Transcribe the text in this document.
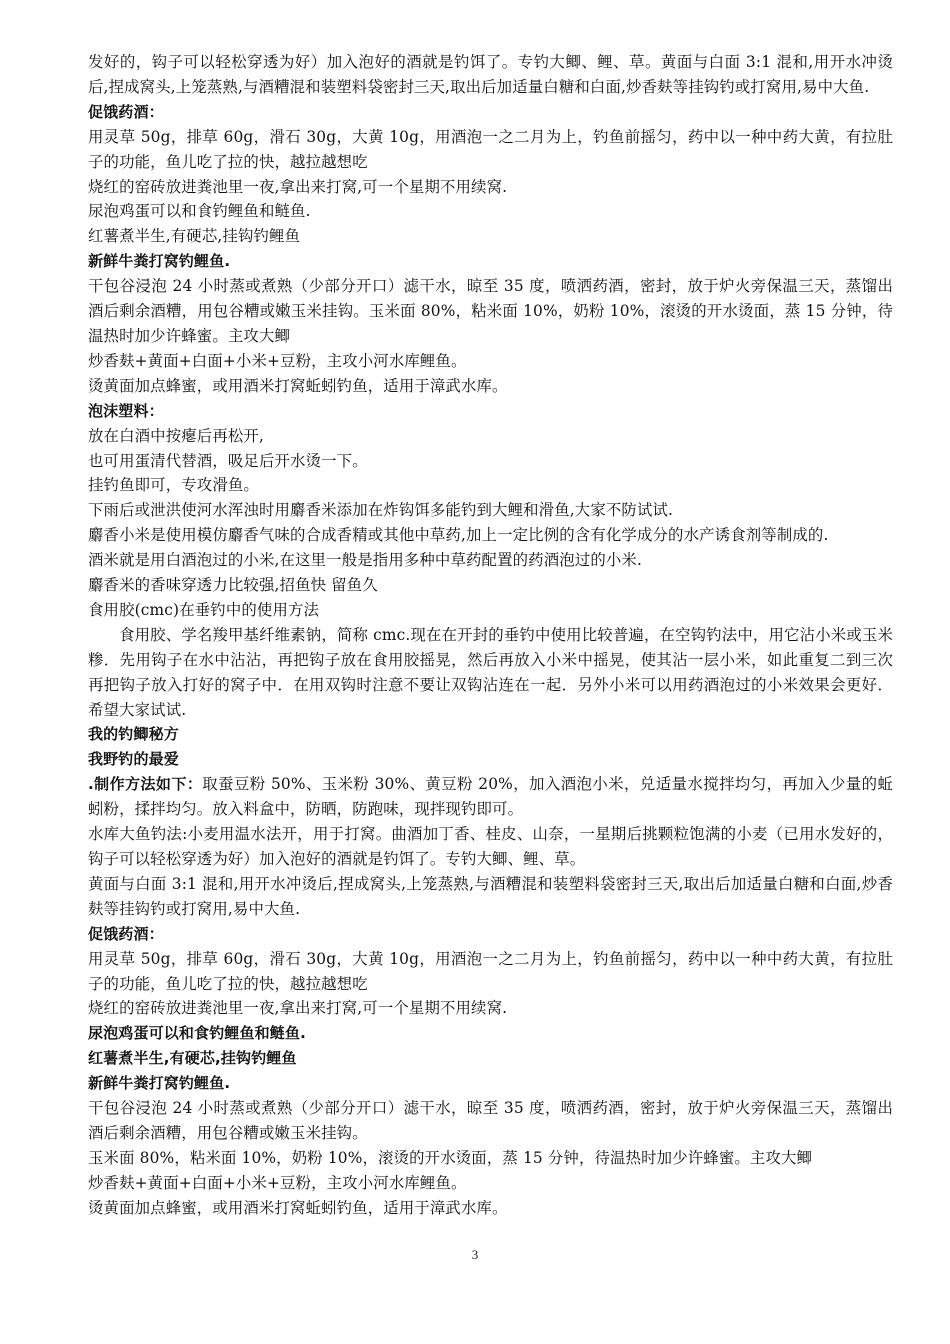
发好的，钩子可以轻松穿透为好）加入泡好的酒就是钓饵了。专钓大鲫、鲤、草。黄面与白面 3:1 混和,用开水冲烫后,捏成窝头,上笼蒸熟,与酒糟混和装塑料袋密封三天,取出后加适量白糖和白面,炒香麸等挂钩钓或打窝用,易中大鱼.

促饿药酒：

用灵草 50g，排草 60g，滑石 30g，大黄 10g，用酒泡一之二月为上，钓鱼前摇匀，药中以一种中药大黄，有拉肚子的功能，鱼儿吃了拉的快，越拉越想吃

烧红的窑砖放进粪池里一夜,拿出来打窝,可一个星期不用续窝.

尿泡鸡蛋可以和食钓鲤鱼和鲢鱼.

红薯煮半生,有硬芯,挂钩钓鲤鱼

新鲜牛粪打窝钓鲤鱼.

干包谷浸泡 24 小时蒸或煮熟（少部分开口）滤干水，晾至 35 度，喷洒药酒，密封，放于炉火旁保温三天，蒸馏出酒后剩余酒糟，用包谷糟或嫩玉米挂钩。玉米面 80%，粘米面 10%，奶粉 10%，滚烫的开水烫面，蒸 15 分钟，待温热时加少许蜂蜜。主攻大鲫

炒香麸+黄面+白面+小米+豆粉，主攻小河水库鲤鱼。

烫黄面加点蜂蜜，或用酒米打窝蚯蚓钓鱼，适用于漳武水库。

泡沫塑料：

放在白酒中按瘪后再松开,

也可用蛋清代替酒，吸足后开水烫一下。

挂钓鱼即可，专攻滑鱼。

下雨后或泄洪使河水浑浊时用麝香米添加在炸钩饵多能钓到大鲤和滑鱼,大家不防试试.

麝香小米是使用模仿麝香气味的合成香精或其他中草药,加上一定比例的含有化学成分的水产诱食剂等制成的.

酒米就是用白酒泡过的小米,在这里一般是指用多种中草药配置的药酒泡过的小米.

麝香米的香味穿透力比较强,招鱼快 留鱼久

食用胶(cmc)在垂钓中的使用方法

食用胶、学名羧甲基纤维素钠，简称 cmc.现在在开封的垂钓中使用比较普遍，在空钩钓法中，用它沾小米或玉米糁．先用钩子在水中沾沾，再把钩子放在食用胶摇晃，然后再放入小米中摇晃，使其沾一层小米，如此重复二到三次再把钩子放入打好的窝子中．在用双钩时注意不要让双钩沾连在一起．另外小米可以用药酒泡过的小米效果会更好．希望大家试试.

我的钓鲫秘方

我野钓的最爱

.制作方法如下：取蚕豆粉 50%、玉米粉 30%、黄豆粉 20%，加入酒泡小米，兑适量水搅拌均匀，再加入少量的蚯蚓粉，揉拌均匀。放入料盒中，防晒，防跑味，现拌现钓即可。

水库大鱼钓法:小麦用温水法开，用于打窝。曲酒加丁香、桂皮、山奈，一星期后挑颗粒饱满的小麦（已用水发好的，钩子可以轻松穿透为好）加入泡好的酒就是钓饵了。专钓大鲫、鲤、草。

黄面与白面 3:1 混和,用开水冲烫后,捏成窝头,上笼蒸熟,与酒糟混和装塑料袋密封三天,取出后加适量白糖和白面,炒香麸等挂钩钓或打窝用,易中大鱼.

促饿药酒：

用灵草 50g，排草 60g，滑石 30g，大黄 10g，用酒泡一之二月为上，钓鱼前摇匀，药中以一种中药大黄，有拉肚子的功能，鱼儿吃了拉的快，越拉越想吃

烧红的窑砖放进粪池里一夜,拿出来打窝,可一个星期不用续窝.

尿泡鸡蛋可以和食钓鲤鱼和鲢鱼.

红薯煮半生,有硬芯,挂钩钓鲤鱼

新鲜牛粪打窝钓鲤鱼.

干包谷浸泡 24 小时蒸或煮熟（少部分开口）滤干水，晾至 35 度，喷洒药酒，密封，放于炉火旁保温三天，蒸馏出酒后剩余酒糟，用包谷糟或嫩玉米挂钩。

玉米面 80%，粘米面 10%，奶粉 10%，滚烫的开水烫面，蒸 15 分钟，待温热时加少许蜂蜜。主攻大鲫

炒香麸+黄面+白面+小米+豆粉，主攻小河水库鲤鱼。

烫黄面加点蜂蜜，或用酒米打窝蚯蚓钓鱼，适用于漳武水库。

3
